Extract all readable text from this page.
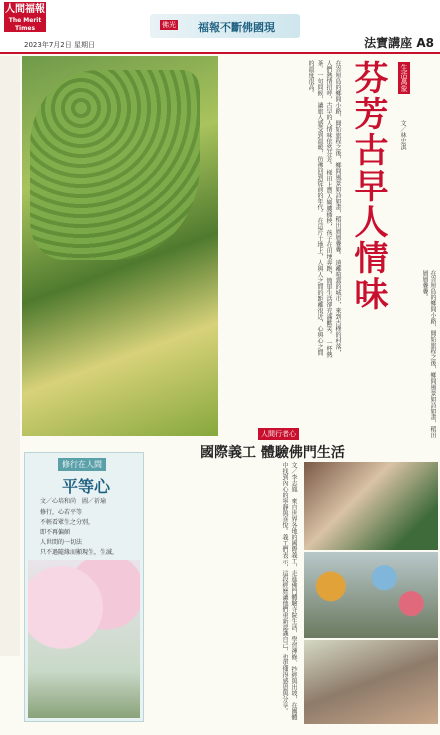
人間福報
The Merit Times
2023年7月2日 星期日
佛光 福報不斷佛國現
法寶講座 A8
在峇厘島的鄉間小路，開始旅程之後，鄉間風景如詩如畫，稻田層層疊疊。 遠離喧囂的城市，來到古樸的村落，人們熱情招呼，古早的人情味依然芬芳。 梯田上農人彎腰插秧，孩子在田埂奔跑，簡單生活卻充滿歡笑。 一杯熱茶、一句問候，讓旅人感受到溫暖，彷彿回到從前的年代。 在這片土地上，人與人之間的距離很近，心與心之間的溫度很高。	芬芳古早人情味 生活萬象
文／林忠淇
在峇厘島的鄉間小路，開始旅程之後，鄉間風景如詩如畫，稻田層層疊疊。
人間行者心
國際義工 體驗佛門生活
修行在人間
平等心
文／心培和尚　圖／祈瑜
修行，心若平等
不輕看眾生之分別，
即不再偏頗
人世間的一切法
只不過隨緣而顯現生，生滅，	文／李志鳳　來自世界各地的國際義工，走進佛門體驗寺院生活，學習禪修、抄經與出坡，在團體中找到內心的寧靜與喜悅。義工們表示，這段經歷讓他們重新認識自己，也更懂得感恩與分享。
